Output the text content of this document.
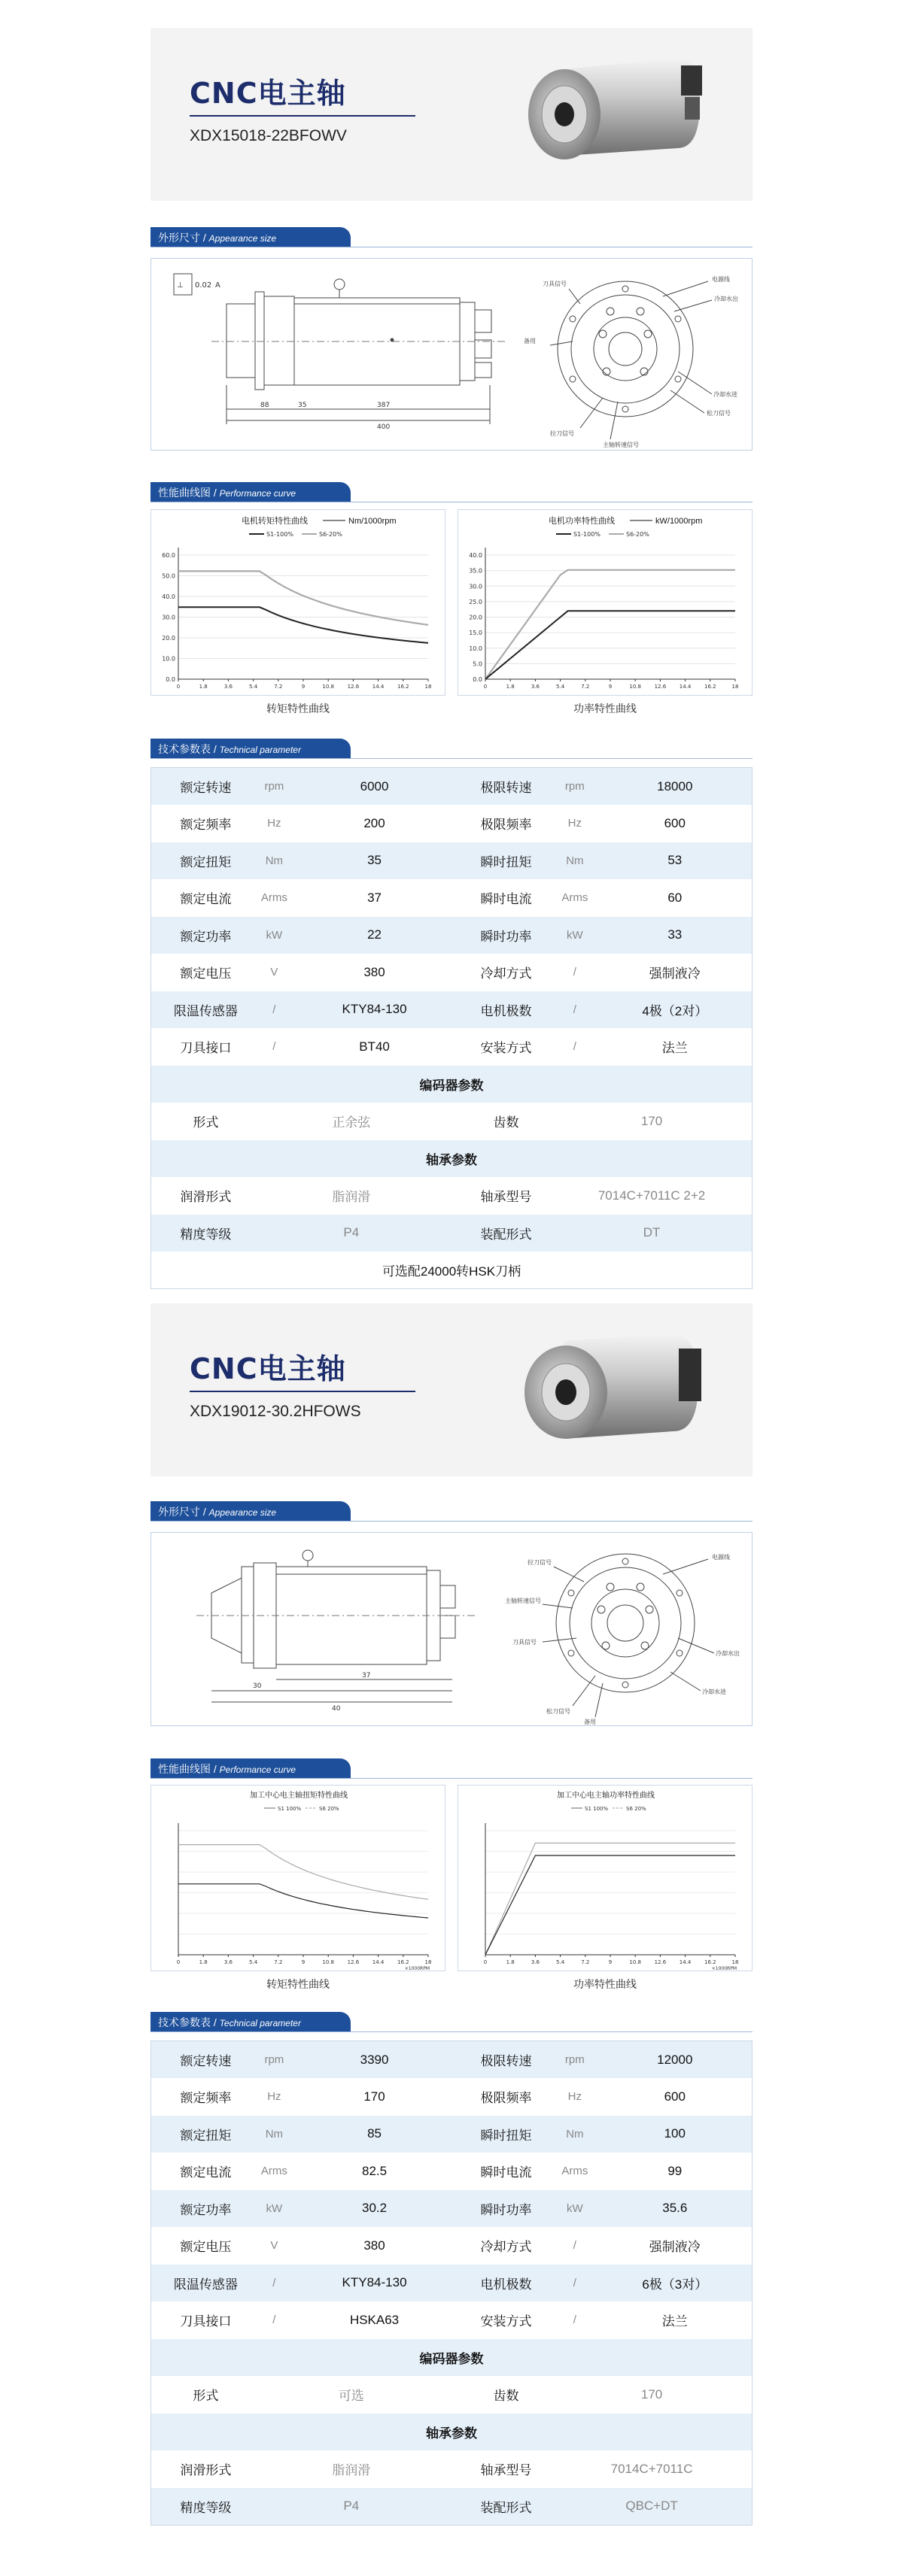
CNC电主轴
XDX15018-22BFOWV
外形尺寸 / Appearance size
⊥ 0.02 A
88	35	387
400
电源线
冷却水出
冷却水进
松刀信号
拉刀信号
主轴转速信号
刀具信号
备用
性能曲线图 / Performance curve
电机转矩特性曲线	Nm/1000rpm
S1-100%	S6-20%
0.0
10.0
20.0
30.0
40.0
50.0
60.0
0	1.8	3.6	5.4	7.2	9	10.8	12.6	14.4	16.2	18
转矩特性曲线
电机功率特性曲线	kW/1000rpm
S1-100%	S6-20%
0.0
5.0
10.0
15.0
20.0
25.0
30.0
35.0
40.0
0	1.8	3.6	5.4	7.2	9	10.8	12.6	14.4	16.2	18
功率特性曲线
技术参数表 / Technical parameter
额定转速	rpm	6000	极限转速	rpm	18000
额定频率	Hz	200	极限频率	Hz	600
额定扭矩	Nm	35	瞬时扭矩	Nm	53
额定电流	Arms	37	瞬时电流	Arms	60
额定功率	kW	22	瞬时功率	kW	33
额定电压	V	380	冷却方式	/	强制液冷
限温传感器	/	KTY84-130	电机极数	/	4极（2对）
刀具接口	/	BT40	安装方式	/	法兰
编码器参数					
形式	正余弦		齿数	170	
轴承参数					
润滑形式	脂润滑		轴承型号	7014C+7011C 2+2	
精度等级	P4		装配形式	DT	
可选配24000转HSK刀柄					
CNC电主轴
XDX19012-30.2HFOWS
外形尺寸 / Appearance size
30
37
40
电源线
冷却水出
冷却水进
松刀信号
拉刀信号
主轴转速信号
刀具信号
备用
性能曲线图 / Performance curve
加工中心电主轴扭矩特性曲线
S1 100%	S6 20%
×1000RPM
0	1.8	3.6	5.4	7.2	9	10.8	12.6	14.4	16.2	18
转矩特性曲线
加工中心电主轴功率特性曲线
S1 100%	S6 20%
×1000RPM
0	1.8	3.6	5.4	7.2	9	10.8	12.6	14.4	16.2	18
功率特性曲线
技术参数表 / Technical parameter
额定转速	rpm	3390	极限转速	rpm	12000
额定频率	Hz	170	极限频率	Hz	600
额定扭矩	Nm	85	瞬时扭矩	Nm	100
额定电流	Arms	82.5	瞬时电流	Arms	99
额定功率	kW	30.2	瞬时功率	kW	35.6
额定电压	V	380	冷却方式	/	强制液冷
限温传感器	/	KTY84-130	电机极数	/	6极（3对）
刀具接口	/	HSKA63	安装方式	/	法兰
编码器参数					
形式	可选		齿数	170	
轴承参数					
润滑形式	脂润滑		轴承型号	7014C+7011C	
精度等级	P4		装配形式	QBC+DT	
